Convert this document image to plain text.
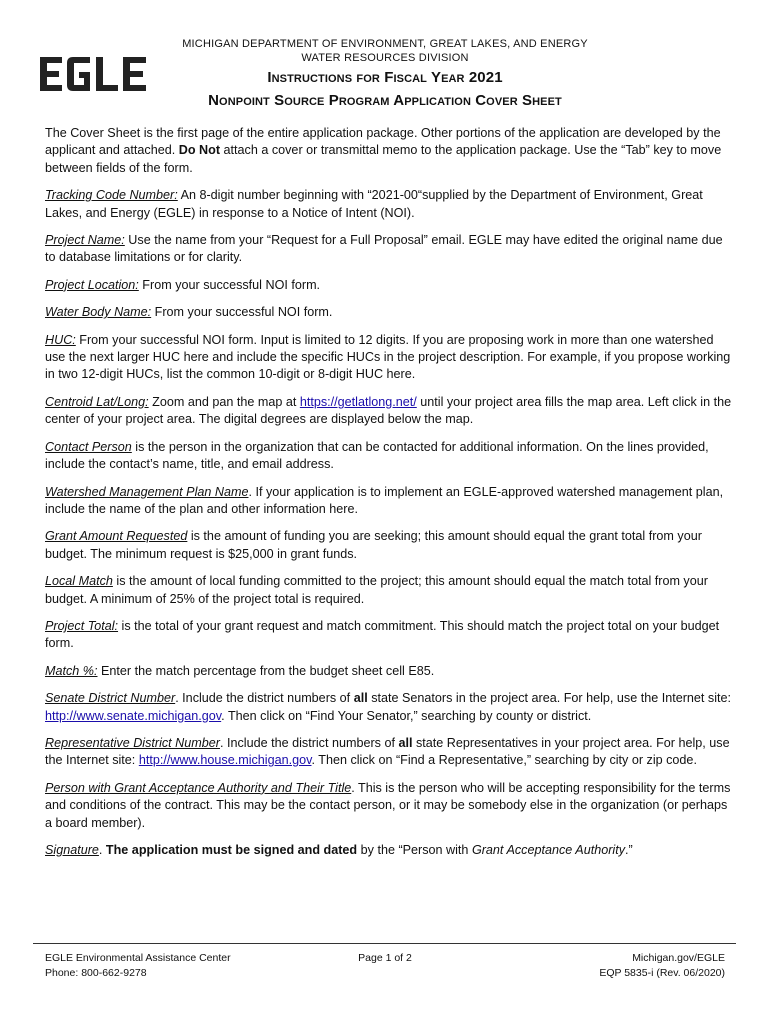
MICHIGAN DEPARTMENT OF ENVIRONMENT, GREAT LAKES, AND ENERGY
WATER RESOURCES DIVISION
Instructions for Fiscal Year 2021
Nonpoint Source Program Application Cover Sheet

The Cover Sheet is the first page of the entire application package. Other portions of the application are developed by the applicant and attached. Do Not attach a cover or transmittal memo to the application package. Use the “Tab” key to move between fields of the form.

Tracking Code Number: An 8-digit number beginning with “2021-00“supplied by the Department of Environment, Great Lakes, and Energy (EGLE) in response to a Notice of Intent (NOI).

Project Name: Use the name from your “Request for a Full Proposal” email. EGLE may have edited the original name due to database limitations or for clarity.

Project Location: From your successful NOI form.

Water Body Name: From your successful NOI form.

HUC: From your successful NOI form. Input is limited to 12 digits. If you are proposing work in more than one watershed use the next larger HUC here and include the specific HUCs in the project description. For example, if you propose working in two 12-digit HUCs, list the common 10-digit or 8-digit HUC here.

Centroid Lat/Long: Zoom and pan the map at https://getlatlong.net/ until your project area fills the map area. Left click in the center of your project area. The digital degrees are displayed below the map.

Contact Person is the person in the organization that can be contacted for additional information. On the lines provided, include the contact’s name, title, and email address.

Watershed Management Plan Name. If your application is to implement an EGLE-approved watershed management plan, include the name of the plan and other information here.

Grant Amount Requested is the amount of funding you are seeking; this amount should equal the grant total from your budget. The minimum request is $25,000 in grant funds.

Local Match is the amount of local funding committed to the project; this amount should equal the match total from your budget. A minimum of 25% of the project total is required.

Project Total: is the total of your grant request and match commitment. This should match the project total on your budget form.

Match %: Enter the match percentage from the budget sheet cell E85.

Senate District Number. Include the district numbers of all state Senators in the project area. For help, use the Internet site: http://www.senate.michigan.gov. Then click on “Find Your Senator,” searching by county or district.

Representative District Number. Include the district numbers of all state Representatives in your project area. For help, use the Internet site: http://www.house.michigan.gov. Then click on “Find a Representative,” searching by city or zip code.

Person with Grant Acceptance Authority and Their Title. This is the person who will be accepting responsibility for the terms and conditions of the contract. This may be the contact person, or it may be somebody else in the organization (or perhaps a board member).

Signature. The application must be signed and dated by the “Person with Grant Acceptance Authority.”

EGLE Environmental Assistance Center
Phone: 800-662-9278
Page 1 of 2	Michigan.gov/EGLE
EQP 5835-i (Rev. 06/2020)
